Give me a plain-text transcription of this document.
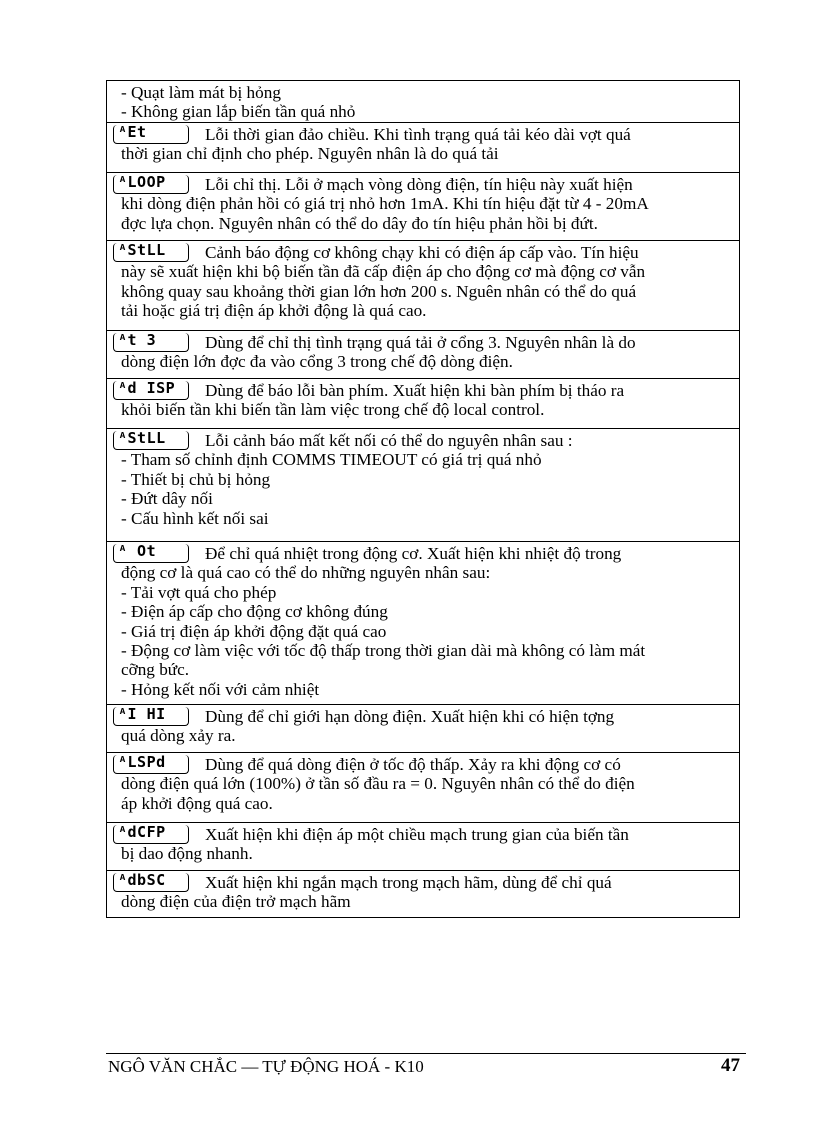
- Quạt làm mát bị hỏng
- Không gian lắp biến tần quá nhỏ

ᴬEt	Lỗi thời gian đảo chiều. Khi tình trạng quá tải kéo dài vợt quá
thời gian chỉ định cho phép. Nguyên nhân là do quá tải

ᴬLOOP Lỗi chỉ thị. Lỗi ở mạch vòng dòng điện, tín hiệu này xuất hiện
khi dòng điện phản hồi có giá trị nhỏ hơn 1mA. Khi tín hiệu đặt từ 4 - 20mA
đợc lựa chọn. Nguyên nhân có thể do dây đo tín hiệu phản hồi bị đứt.

ᴬStLL Cảnh báo động cơ không chạy khi có điện áp cấp vào. Tín hiệu
này sẽ xuất hiện khi bộ biến tần đã cấp điện áp cho động cơ mà động cơ vẫn
không quay sau khoảng thời gian lớn hơn 200 s. Nguên nhân có thể do quá
tải hoặc giá trị điện áp khởi động là quá cao.

ᴬt 3	Dùng để chỉ thị tình trạng quá tải ở cổng 3. Nguyên nhân là do
dòng điện lớn đợc đa vào cổng 3 trong chế độ dòng điện.

ᴬd ISP Dùng để báo lỗi bàn phím. Xuất hiện khi bàn phím bị tháo ra
khỏi biến tần khi biến tần làm việc trong chế độ local control.

ᴬStLL Lỗi cảnh báo mất kết nối có thể do nguyên nhân sau :
- Tham số chỉnh định COMMS TIMEOUT có giá trị quá nhỏ
- Thiết bị chủ bị hỏng
- Đứt dây nối
- Cấu hình kết nối sai

ᴬ Ot	Để chỉ quá nhiệt trong động cơ. Xuất hiện khi nhiệt độ trong
động cơ là quá cao có thể do những nguyên nhân sau:
- Tải vợt quá cho phép
- Điện áp cấp cho động cơ không đúng
- Giá trị điện áp khởi động đặt quá cao
- Động cơ làm việc với tốc độ thấp trong thời gian dài mà không có làm mát
cỡng bức.
- Hỏng kết nối với cảm nhiệt

ᴬI HI Dùng để chỉ giới hạn dòng điện. Xuất hiện khi có hiện tợng
quá dòng xảy ra.

ᴬLSPd Dùng để quá dòng điện ở tốc độ thấp. Xảy ra khi động cơ có
dòng điện quá lớn (100%) ở tần số đầu ra = 0. Nguyên nhân có thể do điện
áp khởi động quá cao.

ᴬdCFP Xuất hiện khi điện áp một chiều mạch trung gian của biến tần
bị dao động nhanh.

ᴬdbSC Xuất hiện khi ngắn mạch trong mạch hãm, dùng để chỉ quá
dòng điện của điện trở mạch hãm
NGÔ VĂN CHẮC — TỰ ĐỘNG HOÁ - K10	47
